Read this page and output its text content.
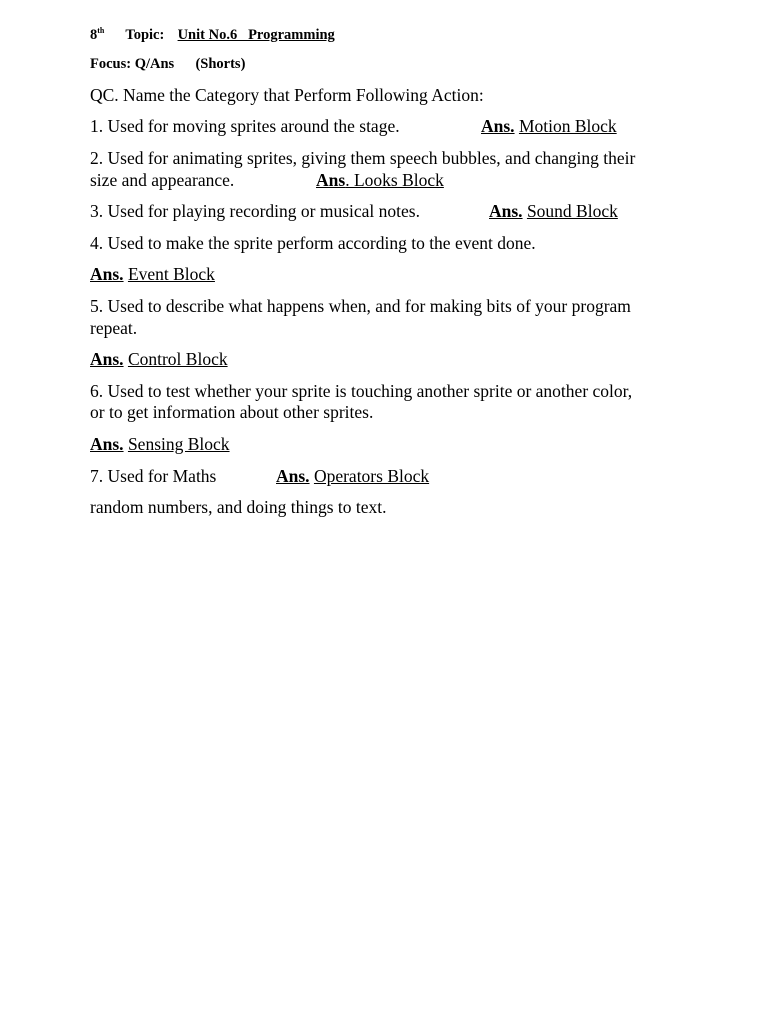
8th Topic: Unit No.6   Programming
Focus: Q/Ans (Shorts)
QC. Name the Category that Perform Following Action:
1. Used for moving sprites around the stage.	Ans. Motion Block
2. Used for animating sprites, giving them speech bubbles, and changing their
size and appearance.	Ans. Looks Block
3. Used for playing recording or musical notes.	Ans. Sound Block
4. Used to make the sprite perform according to the event done.
Ans. Event Block
5. Used to describe what happens when, and for making bits of your program
repeat.
Ans. Control Block
6. Used to test whether your sprite is touching another sprite or another color,
or to get information about other sprites.
Ans. Sensing Block
7. Used for Maths	Ans. Operators Block
random numbers, and doing things to text.
